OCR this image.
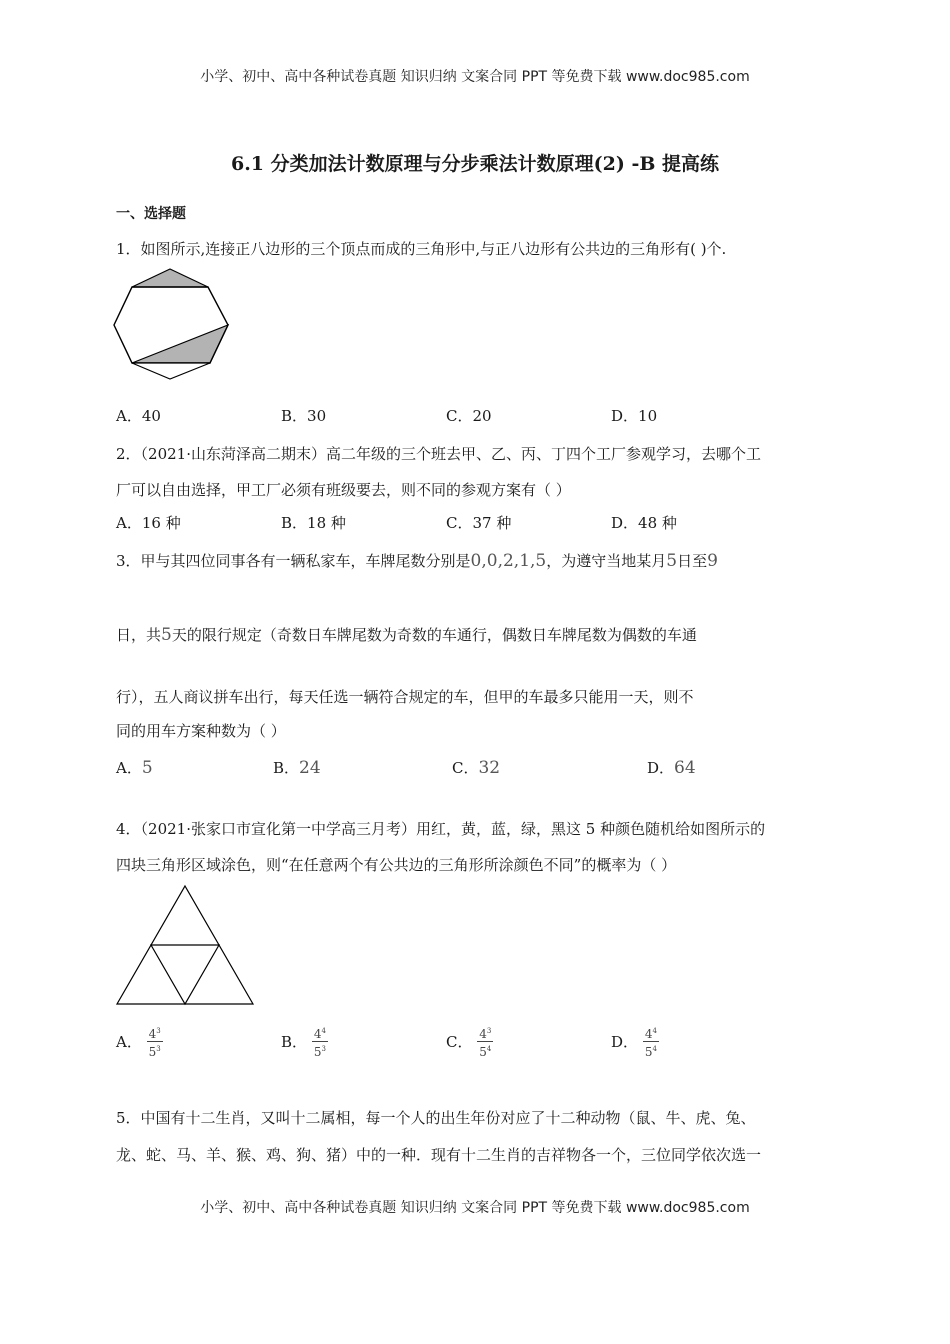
小学、初中、高中各种试卷真题 知识归纳 文案合同 PPT 等免费下载 www.doc985.com
6.1 分类加法计数原理与分步乘法计数原理(2) -B 提高练
一、选择题
1．如图所示,连接正八边形的三个顶点而成的三角形中,与正八边形有公共边的三角形有( )个.
A．40	B．30	C．20	D．10
2．（2021·山东菏泽高二期末）高二年级的三个班去甲、乙、丙、丁四个工厂参观学习，去哪个工
厂可以自由选择，甲工厂必须有班级要去，则不同的参观方案有（ ）
A．16 种	B．18 种	C．37 种	D．48 种
3．甲与其四位同事各有一辆私家车，车牌尾数分别是0,0,2,1,5，为遵守当地某月5日至9
日，共5天的限行规定（奇数日车牌尾数为奇数的车通行，偶数日车牌尾数为偶数的车通
行），五人商议拼车出行，每天任选一辆符合规定的车，但甲的车最多只能用一天，则不
同的用车方案种数为（ ）
A．5	B．24	C．32	D．64
4．（2021·张家口市宣化第一中学高三月考）用红，黄，蓝，绿，黑这 5 种颜色随机给如图所示的
四块三角形区域涂色，则“在任意两个有公共边的三角形所涂颜色不同”的概率为（ ）
A． $\frac{4^3}{5^3}$	B． $\frac{4^4}{5^3}$	C． $\frac{4^3}{5^4}$	D． $\frac{4^4}{5^4}$
5．中国有十二生肖，又叫十二属相，每一个人的出生年份对应了十二种动物（鼠、牛、虎、兔、
龙、蛇、马、羊、猴、鸡、狗、猪）中的一种．现有十二生肖的吉祥物各一个，三位同学依次选一
小学、初中、高中各种试卷真题 知识归纳 文案合同 PPT 等免费下载 www.doc985.com
